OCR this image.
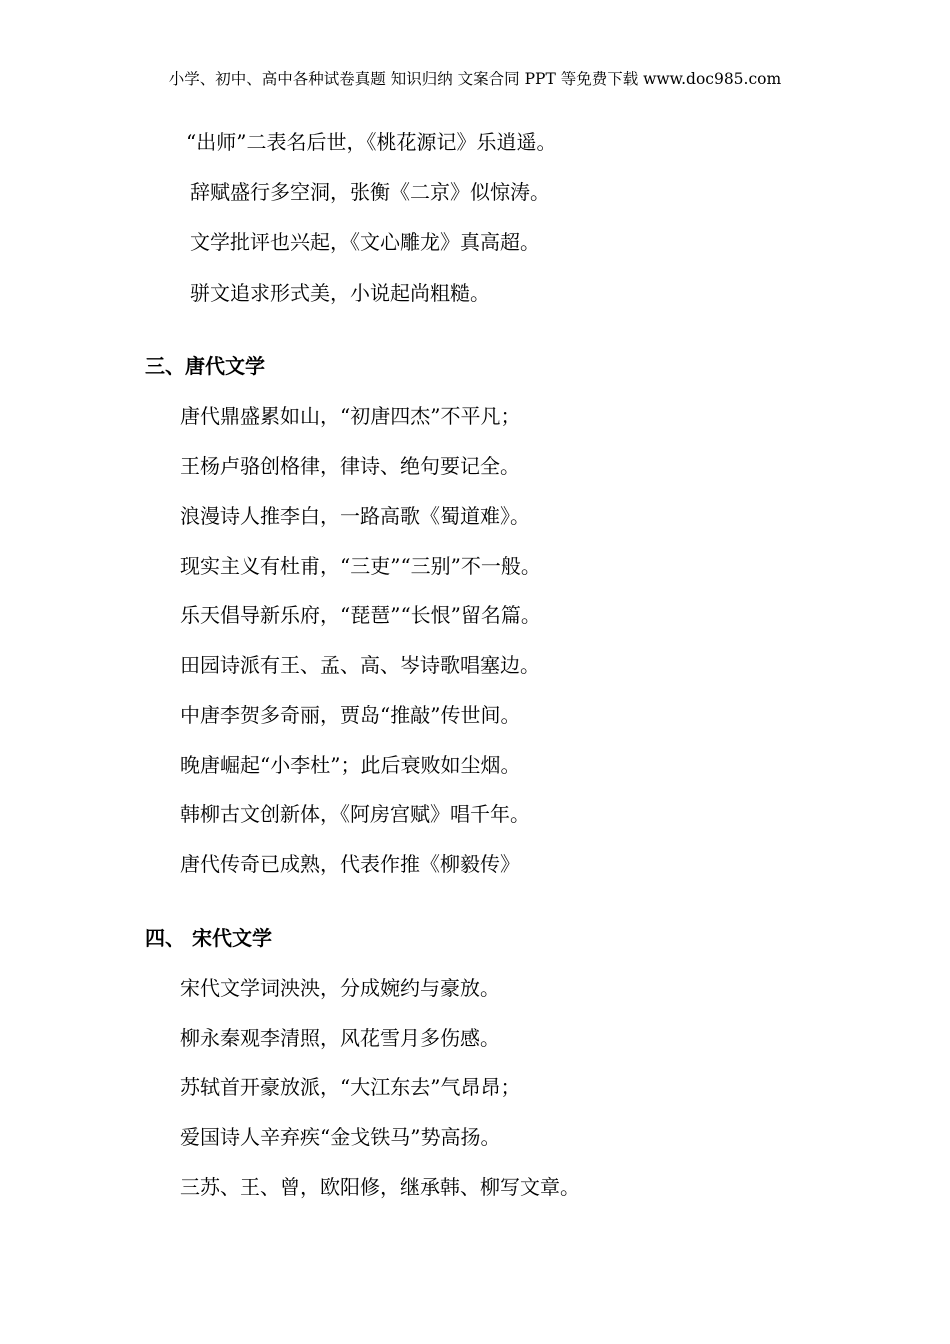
小学、初中、高中各种试卷真题 知识归纳 文案合同 PPT 等免费下载 www.doc985.com
“出师”二表名后世，《桃花源记》乐逍遥。
辞赋盛行多空洞，张衡《二京》似惊涛。
文学批评也兴起，《文心雕龙》真高超。
骈文追求形式美，小说起尚粗糙。
三、唐代文学
唐代鼎盛累如山，“初唐四杰”不平凡；
王杨卢骆创格律，律诗、绝句要记全。
浪漫诗人推李白，一路高歌《蜀道难》。
现实主义有杜甫，“三吏”“三别”不一般。
乐天倡导新乐府，“琵琶”“长恨”留名篇。
田园诗派有王、孟、高、岑诗歌唱塞边。
中唐李贺多奇丽，贾岛“推敲”传世间。
晚唐崛起“小李杜”；此后衰败如尘烟。
韩柳古文创新体，《阿房宫赋》唱千年。
唐代传奇已成熟，代表作推《柳毅传》
四、 宋代文学
宋代文学词泱泱，分成婉约与豪放。
柳永秦观李清照，风花雪月多伤感。
苏轼首开豪放派，“大江东去”气昂昂；
爱国诗人辛弃疾“金戈铁马”势高扬。
三苏、王、曾，欧阳修，继承韩、柳写文章。
